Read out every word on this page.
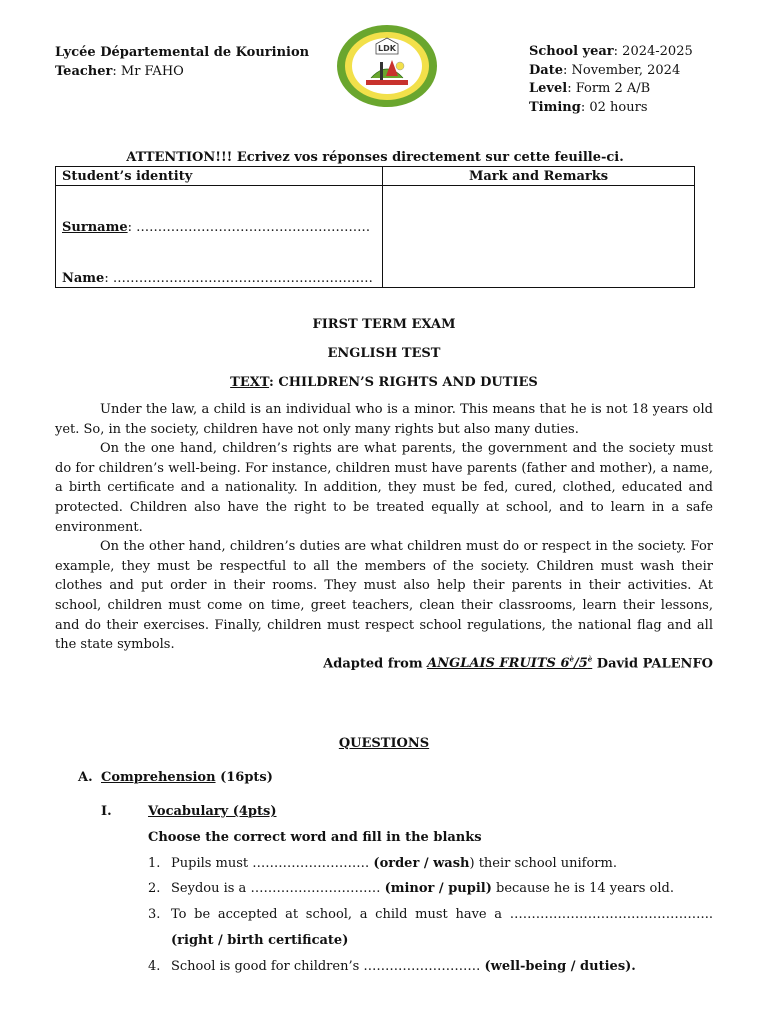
Lycée Départemental de Kourinion
Teacher: Mr FAHO
LDK	School year: 2024-2025
Date: November, 2024
Level: Form 2 A/B
Timing: 02 hours
ATTENTION!!! Ecrivez vos réponses directement sur cette feuille-ci.
Student’s identity	Mark and Remarks

Surname: ………………………………………………
Name: ……………………………………………………	

FIRST TERM EXAM
ENGLISH TEST
TEXT: CHILDREN’S RIGHTS AND DUTIES

Under the law, a child is an individual who is a minor. This means that he is not 18 years old yet. So, in the society, children have not only many rights but also many duties.

On the one hand, children’s rights are what parents, the government and the society must do for children’s well-being. For instance, children must have parents (father and mother), a name, a birth certificate and a nationality. In addition, they must be fed, cured, clothed, educated and protected. Children also have the right to be treated equally at school, and to learn in a safe environment.

On the other hand, children’s duties are what children must do or respect in the society. For example, they must be respectful to all the members of the society. Children must wash their clothes and put order in their rooms. They must also help their parents in their activities. At school, children must come on time, greet teachers, clean their classrooms, learn their lessons, and do their exercises. Finally, children must respect school regulations, the national flag and all the state symbols.

Adapted from ANGLAIS FRUITS $6^è/5^è$ David PALENFO
QUESTIONS
A. Comprehension (16pts)
I.	Vocabulary (4pts)
Choose the correct word and fill in the blanks
1. Pupils must ……………………… (order / wash) their school uniform.
2. Seydou is a ………………………… (minor / pupil) because he is 14 years old.
3. To be accepted at school, a child must have a ……………………………………….. (right / birth certificate)
4. School is good for children’s ……………………… (well-being / duties).
